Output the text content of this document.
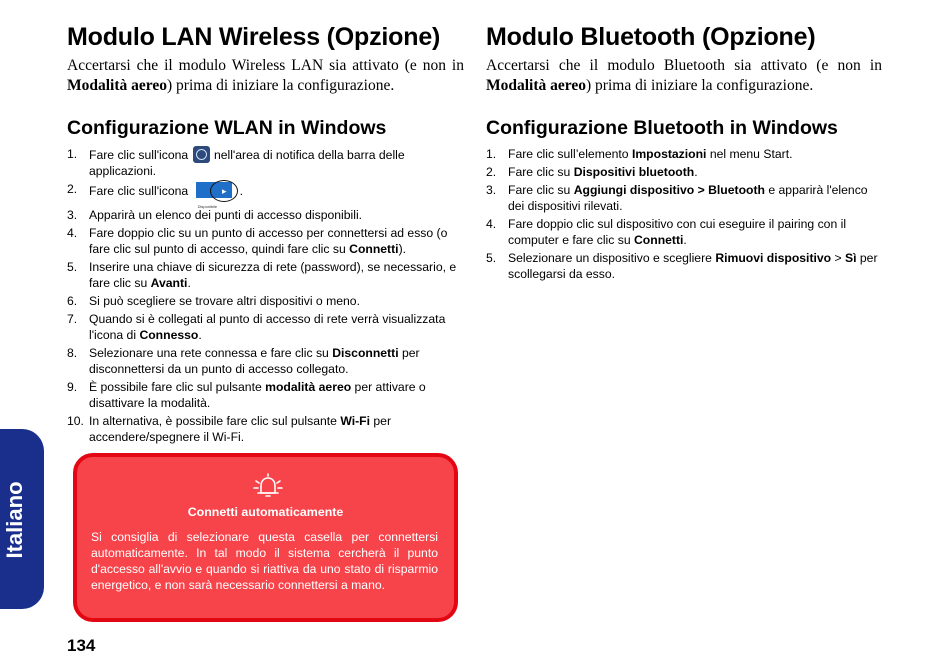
Modulo LAN Wireless (Opzione)

Accertarsi che il modulo Wireless LAN sia attivato (e non in Modalità aereo) prima di iniziare la configurazione.

Configurazione WLAN in Windows
1. Fare clic sull'icona  nell'area di notifica della barra delle applicazioni.
2. Fare clic sull'icona
▸
Disponibile
.
3. Apparirà un elenco dei punti di accesso disponibili.
4. Fare doppio clic su un punto di accesso per connettersi ad esso (o fare clic sul punto di accesso, quindi fare clic su Connetti).
5. Inserire una chiave di sicurezza di rete (password), se necessario, e fare clic su Avanti.
6. Si può scegliere se trovare altri dispositivi o meno.
7. Quando si è collegati al punto di accesso di rete verrà visualizzata l'icona di Connesso.
8. Selezionare una rete connessa e fare clic su Disconnetti per disconnettersi da un punto di accesso collegato.
9. È possibile fare clic sul pulsante modalità aereo per attivare o disattivare la modalità.
10. In alternativa, è possibile fare clic sul pulsante Wi-Fi per accendere/spegnere il Wi-Fi.
Modulo Bluetooth (Opzione)

Accertarsi che il modulo Bluetooth sia attivato (e non in Modalità aereo) prima di iniziare la configurazione.

Configurazione Bluetooth in Windows
1. Fare clic sull’elemento Impostazioni nel menu Start.
2. Fare clic su Dispositivi bluetooth.
3. Fare clic su Aggiungi dispositivo > Bluetooth e apparirà l'elenco dei dispositivi rilevati.
4. Fare doppio clic sul dispositivo con cui eseguire il pairing con il computer e fare clic su Connetti.
5. Selezionare un dispositivo e scegliere Rimuovi dispositivo > Sì per scollegarsi da esso.
Connetti automaticamente
Si consiglia di selezionare questa casella per connettersi automaticamente. In tal modo il sistema cercherà il punto d'accesso all'avvio e quando si riattiva da uno stato di risparmio energetico, e non sarà necessario connettersi a mano.
Italiano
134
